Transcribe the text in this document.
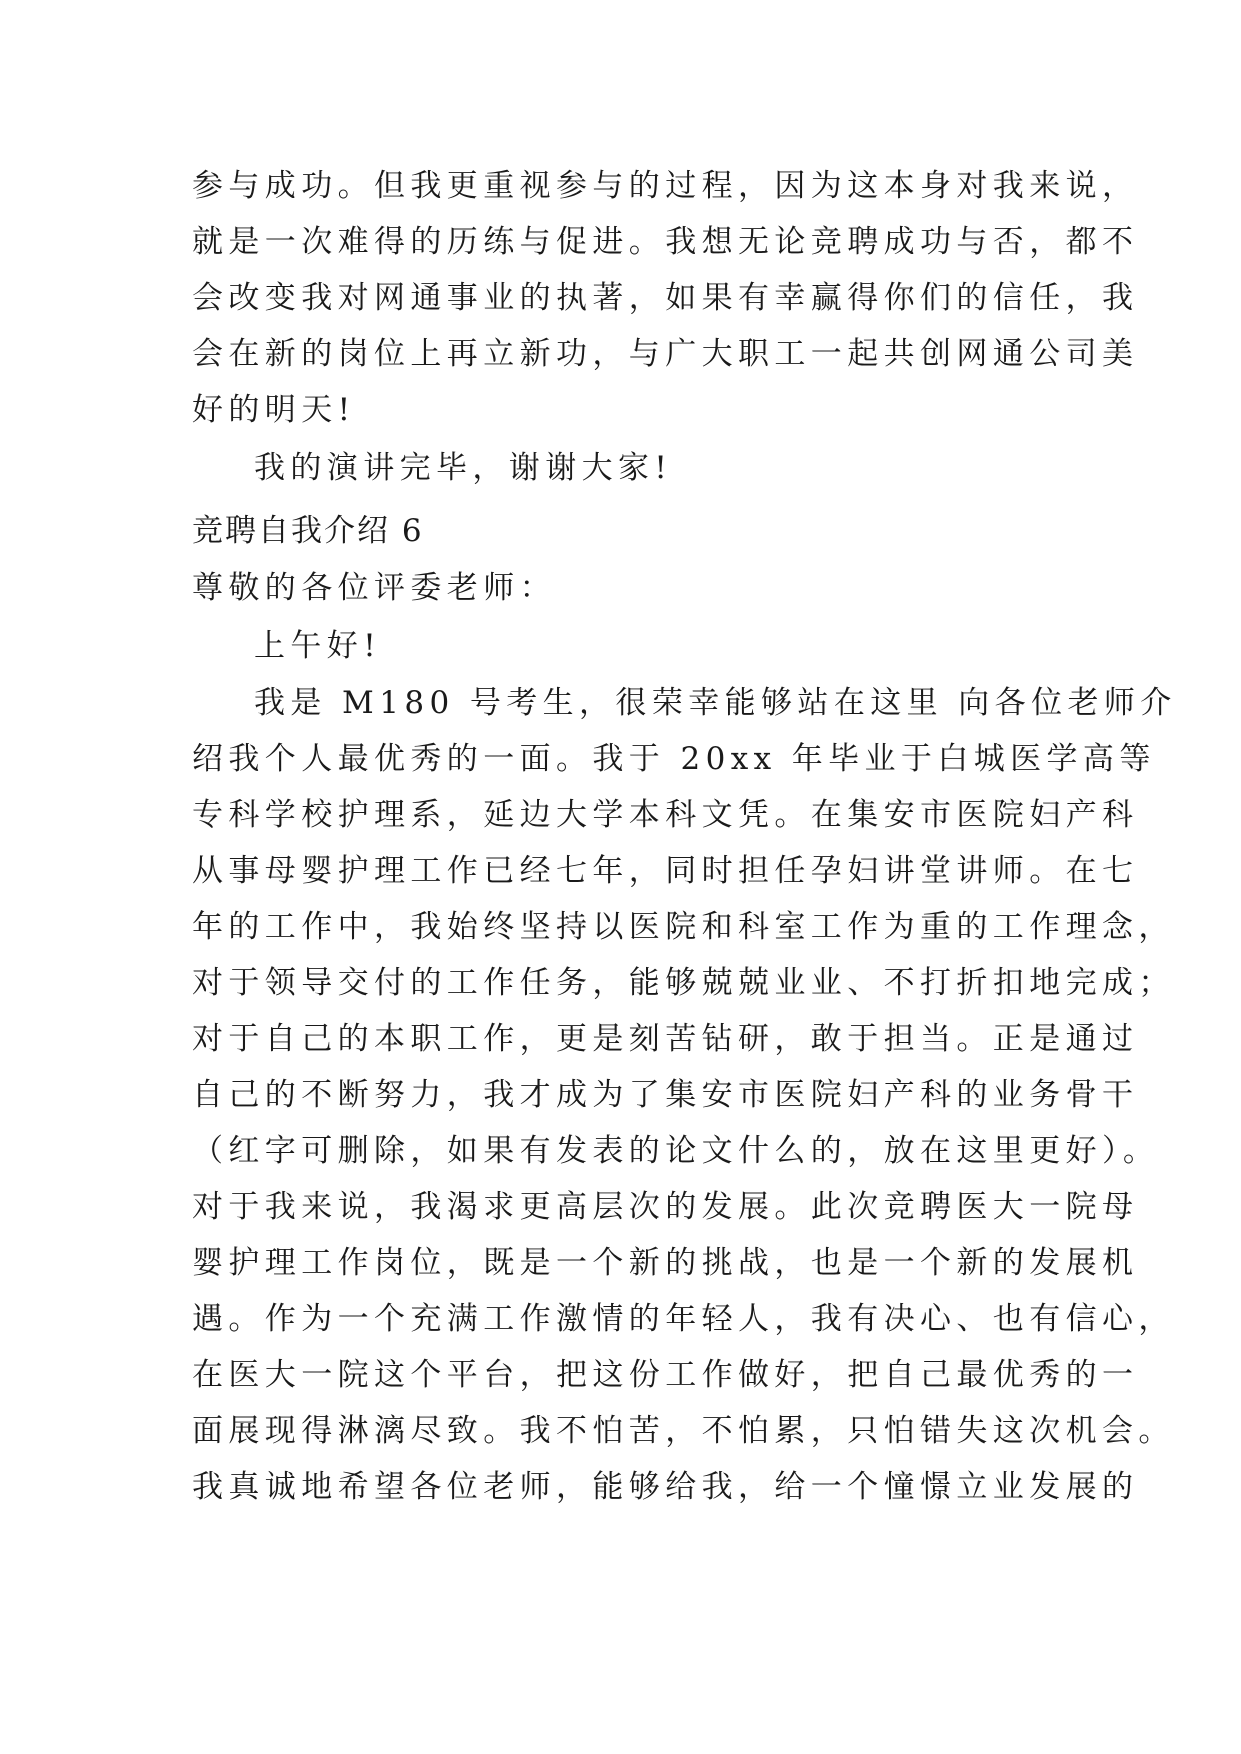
参与成功。但我更重视参与的过程，因为这本身对我来说，
就是一次难得的历练与促进。我想无论竞聘成功与否，都不
会改变我对网通事业的执著，如果有幸赢得你们的信任，我
会在新的岗位上再立新功，与广大职工一起共创网通公司美
好的明天!
我的演讲完毕，谢谢大家!
竞聘自我介绍 6
尊敬的各位评委老师：
上午好!
我是 M180 号考生，很荣幸能够站在这里 向各位老师介
绍我个人最优秀的一面。我于 20xx 年毕业于白城医学高等
专科学校护理系，延边大学本科文凭。在集安市医院妇产科
从事母婴护理工作已经七年，同时担任孕妇讲堂讲师。在七
年的工作中，我始终坚持以医院和科室工作为重的工作理念，
对于领导交付的工作任务，能够兢兢业业、不打折扣地完成；
对于自己的本职工作，更是刻苦钻研，敢于担当。正是通过
自己的不断努力，我才成为了集安市医院妇产科的业务骨干
（红字可删除，如果有发表的论文什么的，放在这里更好）。
对于我来说，我渴求更高层次的发展。此次竞聘医大一院母
婴护理工作岗位，既是一个新的挑战，也是一个新的发展机
遇。作为一个充满工作激情的年轻人，我有决心、也有信心，
在医大一院这个平台，把这份工作做好，把自己最优秀的一
面展现得淋漓尽致。我不怕苦，不怕累，只怕错失这次机会。
我真诚地希望各位老师，能够给我，给一个憧憬立业发展的
